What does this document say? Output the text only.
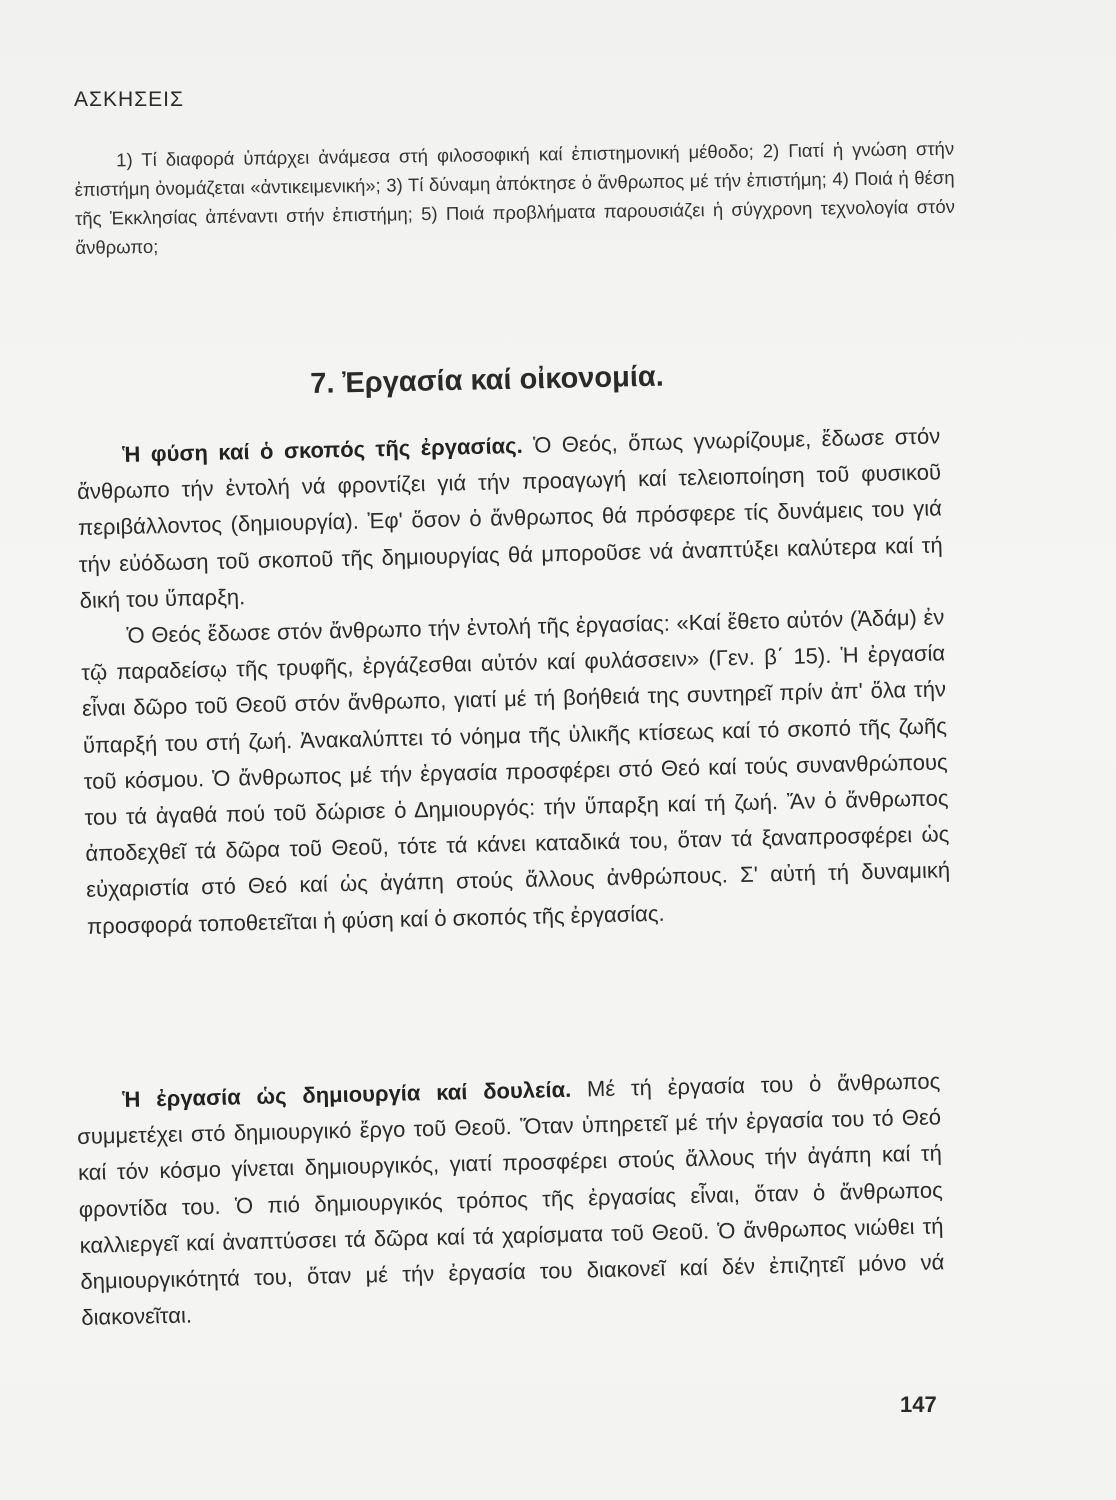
ΑΣΚΗΣΕΙΣ
1) Τί διαφορά ὑπάρχει ἀνάμεσα στή φιλοσοφική καί ἐπιστημονική μέθοδο; 2) Γιατί ἡ γνώση στήν ἐπιστήμη ὀνομάζεται «ἀντικειμενική»; 3) Τί δύναμη ἀπόκτησε ὁ ἄνθρωπος μέ τήν ἐπιστήμη; 4) Ποιά ἡ θέση τῆς Ἐκκλησίας ἀπέναντι στήν ἐπιστήμη; 5) Ποιά προβλήματα παρουσιάζει ἡ σύγχρονη τεχνολογία στόν ἄνθρωπο;
7. Ἐργασία καί οἰκονομία.

Ἡ φύση καί ὁ σκοπός τῆς ἐργασίας. Ὁ Θεός, ὅπως γνωρίζουμε, ἔδωσε στόν ἄνθρωπο τήν ἐντολή νά φροντίζει γιά τήν προαγωγή καί τελειοποίηση τοῦ φυσικοῦ περιβάλλοντος (δημιουργία). Ἐφ' ὅσον ὁ ἄνθρωπος θά πρόσφερε τίς δυνάμεις του γιά τήν εὐόδωση τοῦ σκοποῦ τῆς δημιουργίας θά μποροῦσε νά ἀναπτύξει καλύτερα καί τή δική του ὕπαρξη.

Ὁ Θεός ἔδωσε στόν ἄνθρωπο τήν ἐντολή τῆς ἐργασίας: «Καί ἔθετο αὐτόν (Ἀδάμ) ἐν τῷ παραδείσῳ τῆς τρυφῆς, ἐργάζεσθαι αὐτόν καί φυλάσσειν» (Γεν. β΄ 15). Ἡ ἐργασία εἶναι δῶρο τοῦ Θεοῦ στόν ἄνθρωπο, γιατί μέ τή βοήθειά της συντηρεῖ πρίν ἀπ' ὅλα τήν ὕπαρξή του στή ζωή. Ἀνακαλύπτει τό νόημα τῆς ὑλικῆς κτίσεως καί τό σκοπό τῆς ζωῆς τοῦ κόσμου. Ὁ ἄνθρωπος μέ τήν ἐργασία προσφέρει στό Θεό καί τούς συνανθρώπους του τά ἀγαθά πού τοῦ δώρισε ὁ Δημιουργός: τήν ὕπαρξη καί τή ζωή. Ἄν ὁ ἄνθρωπος ἀποδεχθεῖ τά δῶρα τοῦ Θεοῦ, τότε τά κάνει καταδικά του, ὅταν τά ξαναπροσφέρει ὡς εὐχαριστία στό Θεό καί ὡς ἀγάπη στούς ἄλλους ἀνθρώπους. Σ' αὐτή τή δυναμική προσφορά τοποθετεῖται ἡ φύση καί ὁ σκοπός τῆς ἐργασίας.

Ἡ ἐργασία ὡς δημιουργία καί δουλεία. Μέ τή ἐργασία του ὁ ἄνθρωπος συμμετέχει στό δημιουργικό ἔργο τοῦ Θεοῦ. Ὅταν ὑπηρετεῖ μέ τήν ἐργασία του τό Θεό καί τόν κόσμο γίνεται δημιουργικός, γιατί προσφέρει στούς ἄλλους τήν ἀγάπη καί τή φροντίδα του. Ὁ πιό δημιουργικός τρόπος τῆς ἐργασίας εἶναι, ὅταν ὁ ἄνθρωπος καλλιεργεῖ καί ἀναπτύσσει τά δῶρα καί τά χαρίσματα τοῦ Θεοῦ. Ὁ ἄνθρωπος νιώθει τή δημιουργικότητά του, ὅταν μέ τήν ἐργασία του διακονεῖ καί δέν ἐπιζητεῖ μόνο νά διακονεῖται.

147
